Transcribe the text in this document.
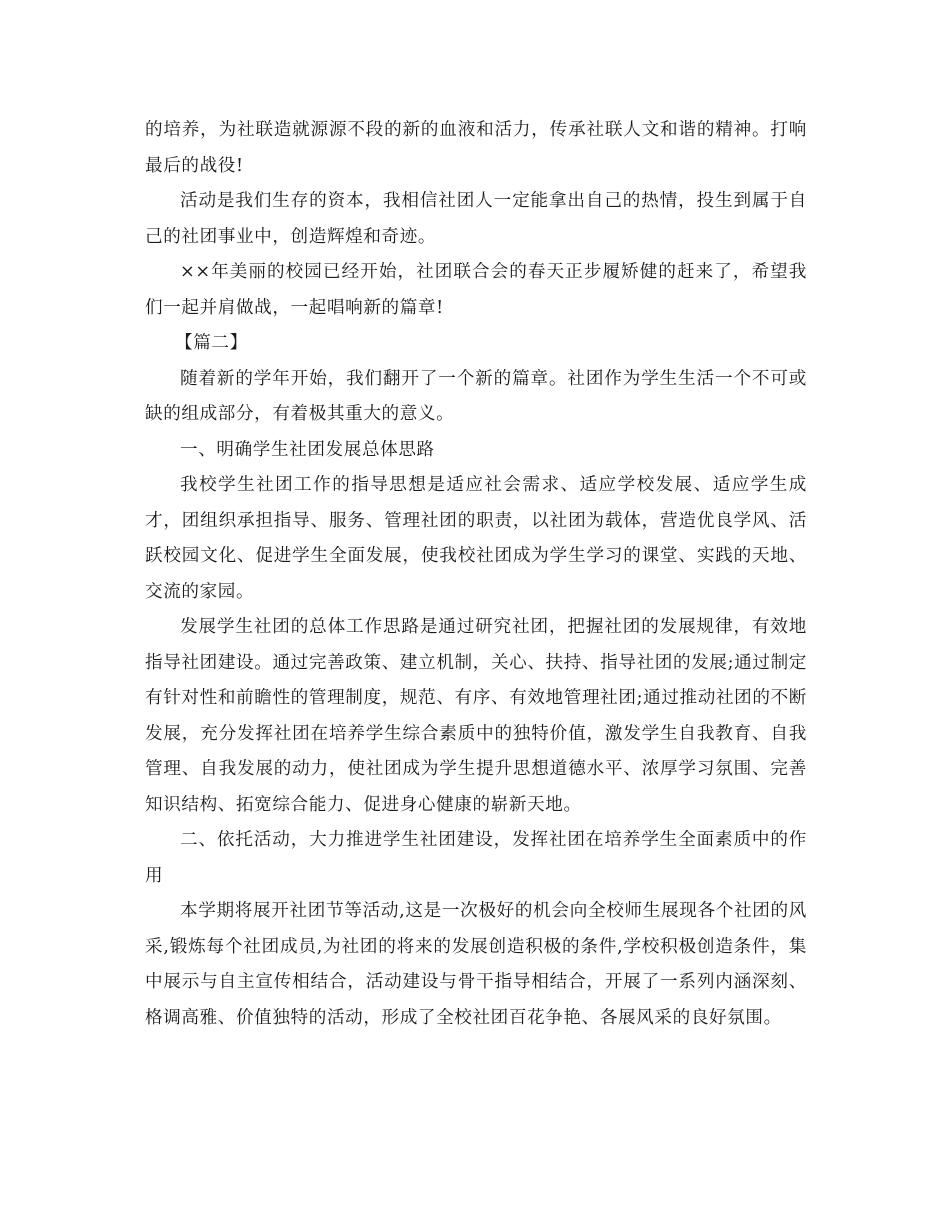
的培养，为社联造就源源不段的新的血液和活力，传承社联人文和谐的精神。打响最后的战役!

活动是我们生存的资本，我相信社团人一定能拿出自己的热情，投生到属于自己的社团事业中，创造辉煌和奇迹。

××年美丽的校园已经开始，社团联合会的春天正步履矫健的赶来了，希望我们一起并肩做战，一起唱响新的篇章!

【篇二】

随着新的学年开始，我们翻开了一个新的篇章。社团作为学生生活一个不可或缺的组成部分，有着极其重大的意义。

一、明确学生社团发展总体思路

我校学生社团工作的指导思想是适应社会需求、适应学校发展、适应学生成才，团组织承担指导、服务、管理社团的职责，以社团为载体，营造优良学风、活跃校园文化、促进学生全面发展，使我校社团成为学生学习的课堂、实践的天地、交流的家园。

发展学生社团的总体工作思路是通过研究社团，把握社团的发展规律，有效地指导社团建设。通过完善政策、建立机制，关心、扶持、指导社团的发展;通过制定有针对性和前瞻性的管理制度，规范、有序、有效地管理社团;通过推动社团的不断发展，充分发挥社团在培养学生综合素质中的独特价值，激发学生自我教育、自我管理、自我发展的动力，使社团成为学生提升思想道德水平、浓厚学习氛围、完善知识结构、拓宽综合能力、促进身心健康的崭新天地。

二、依托活动，大力推进学生社团建设，发挥社团在培养学生全面素质中的作用

本学期将展开社团节等活动,这是一次极好的机会向全校师生展现各个社团的风采,锻炼每个社团成员,为社团的将来的发展创造积极的条件,学校积极创造条件，集中展示与自主宣传相结合，活动建设与骨干指导相结合，开展了一系列内涵深刻、格调高雅、价值独特的活动，形成了全校社团百花争艳、各展风采的良好氛围。
